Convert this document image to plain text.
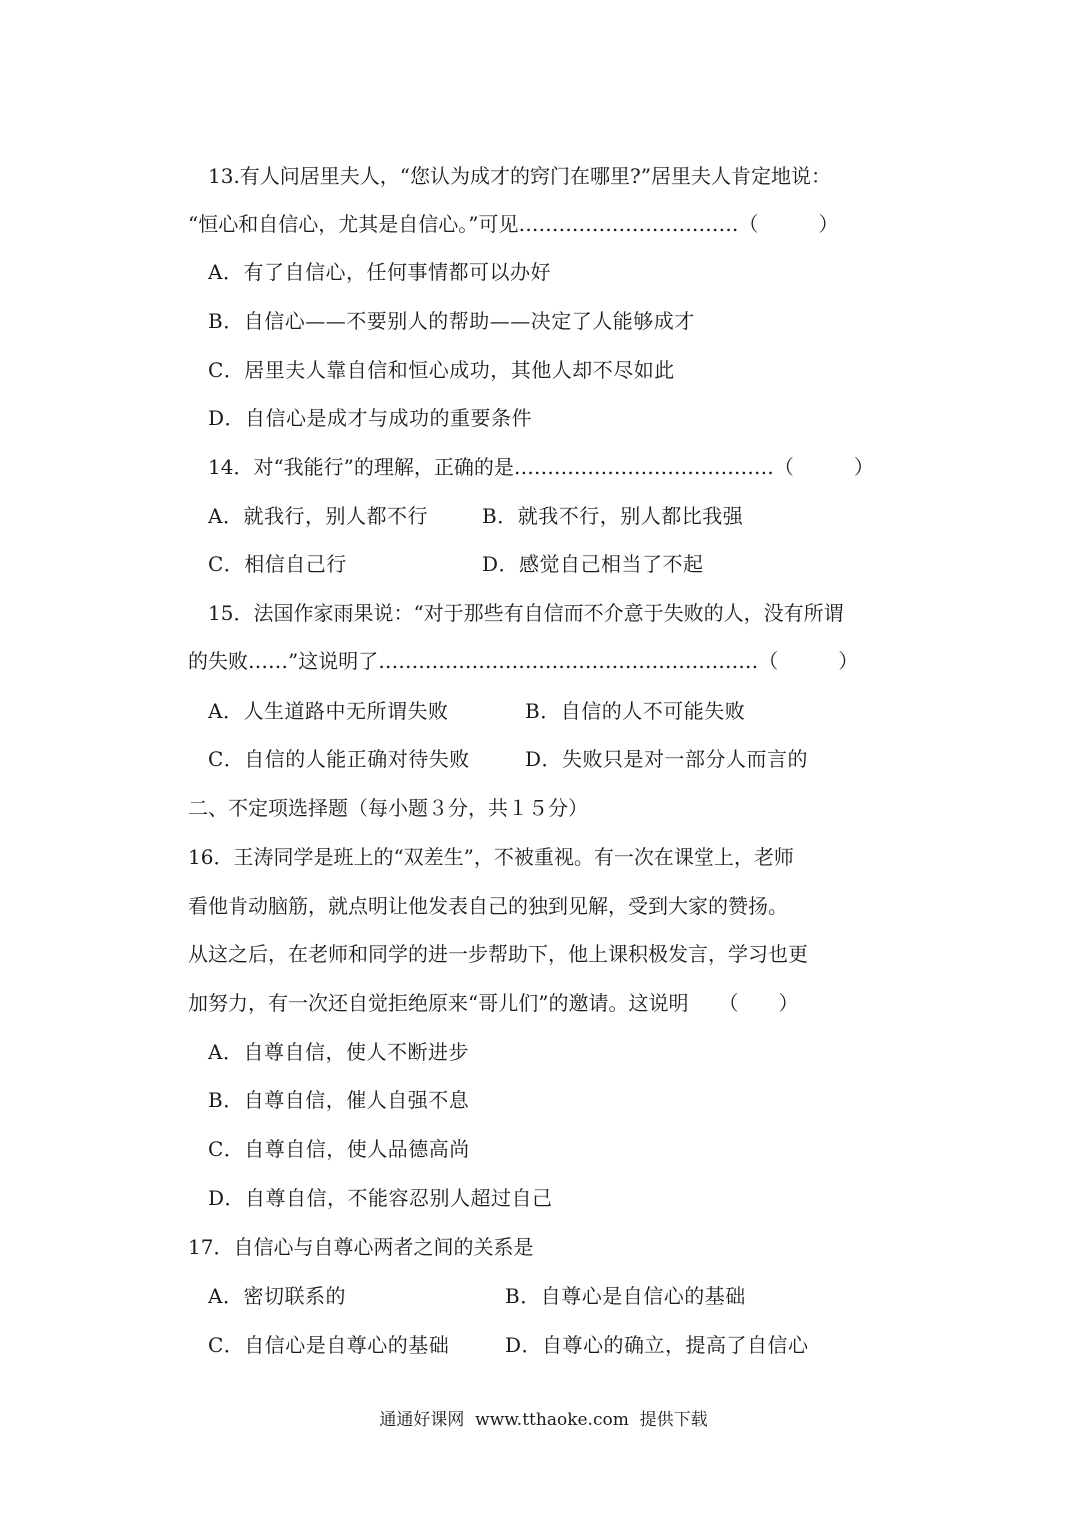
13.有人问居里夫人，“您认为成才的窍门在哪里?”居里夫人肯定地说：
“恒心和自信心，尤其是自信心。”可见……………………………（　　　）
A．有了自信心，任何事情都可以办好
B．自信心——不要别人的帮助——决定了人能够成才
C．居里夫人靠自信和恒心成功，其他人却不尽如此
D．自信心是成才与成功的重要条件
14．对“我能行”的理解，正确的是…………………………………（　　　）
A．就我行，别人都不行	B．就我不行，别人都比我强
C．相信自己行	D．感觉自己相当了不起
15．法国作家雨果说：“对于那些有自信而不介意于失败的人，没有所谓
的失败……”这说明了…………………………………………………（　　　）
A．人生道路中无所谓失败	B．自信的人不可能失败
C．自信的人能正确对待失败	D．失败只是对一部分人而言的
二、不定项选择题（每小题３分，共１５分）
16．王涛同学是班上的“双差生”，不被重视。有一次在课堂上，老师
看他肯动脑筋，就点明让他发表自己的独到见解，受到大家的赞扬。
从这之后，在老师和同学的进一步帮助下，他上课积极发言，学习也更
加努力，有一次还自觉拒绝原来“哥儿们”的邀请。这说明　　（　　）
A．自尊自信，使人不断进步
B．自尊自信，催人自强不息
C．自尊自信，使人品德高尚
D．自尊自信，不能容忍别人超过自己
17．自信心与自尊心两者之间的关系是
A．密切联系的	B．自尊心是自信心的基础
C．自信心是自尊心的基础	D．自尊心的确立，提高了自信心
通通好课网  www.tthaoke.com  提供下载
